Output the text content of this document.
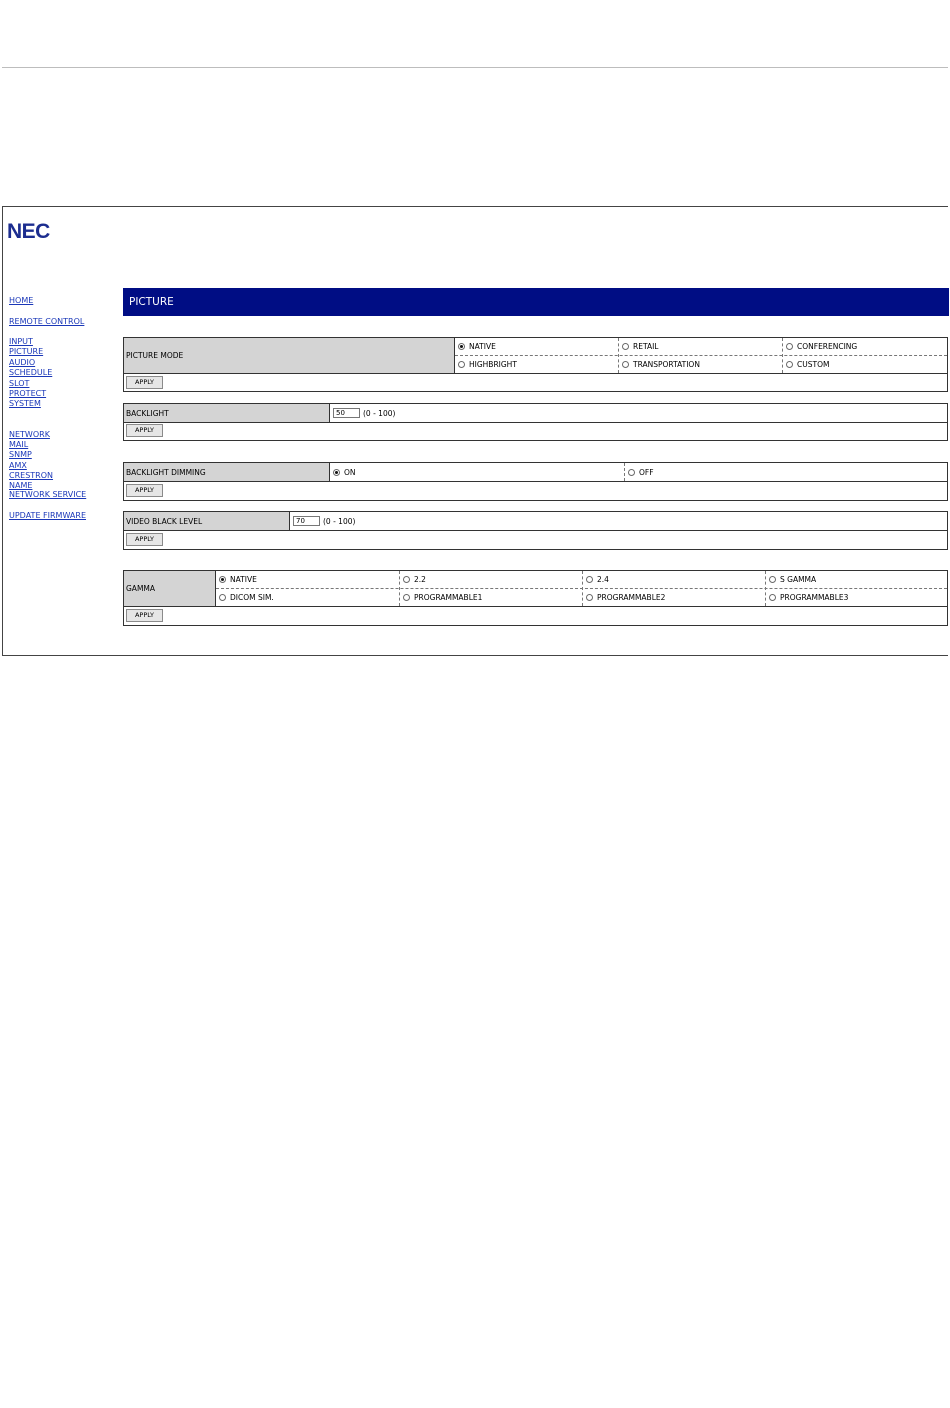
NEC
HOME
REMOTE CONTROL
INPUT
PICTURE
AUDIO
SCHEDULE
SLOT
PROTECT
SYSTEM
NETWORK
MAIL
SNMP
AMX
CRESTRON
NAME
NETWORK SERVICE
UPDATE FIRMWARE
PICTURE
PICTURE MODE
NATIVE	RETAIL	CONFERENCING
HIGHBRIGHT	TRANSPORTATION	CUSTOM
APPLY
BACKLIGHT	50	(0 - 100)
APPLY
BACKLIGHT DIMMING	ON	OFF
APPLY
VIDEO BLACK LEVEL	70	(0 - 100)
APPLY
GAMMA
NATIVE	2.2	2.4	S GAMMA
DICOM SIM.	PROGRAMMABLE1	PROGRAMMABLE2	PROGRAMMABLE3
APPLY
